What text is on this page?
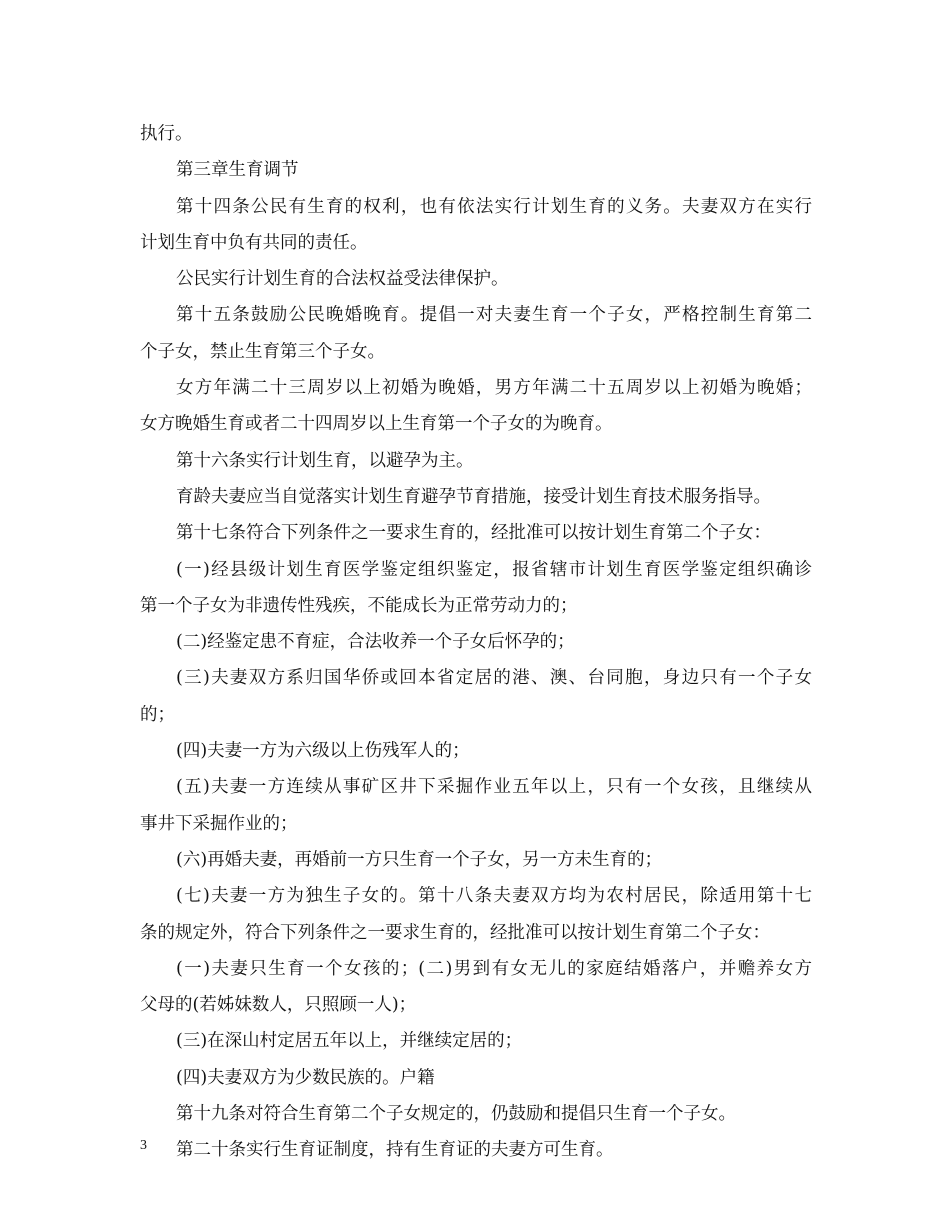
执行。
第三章生育调节
第十四条公民有生育的权利，也有依法实行计划生育的义务。夫妻双方在实行
计划生育中负有共同的责任。
公民实行计划生育的合法权益受法律保护。
第十五条鼓励公民晚婚晚育。提倡一对夫妻生育一个子女，严格控制生育第二
个子女，禁止生育第三个子女。
女方年满二十三周岁以上初婚为晚婚，男方年满二十五周岁以上初婚为晚婚；
女方晚婚生育或者二十四周岁以上生育第一个子女的为晚育。
第十六条实行计划生育，以避孕为主。
育龄夫妻应当自觉落实计划生育避孕节育措施，接受计划生育技术服务指导。
第十七条符合下列条件之一要求生育的，经批准可以按计划生育第二个子女：
(一)经县级计划生育医学鉴定组织鉴定，报省辖市计划生育医学鉴定组织确诊
第一个子女为非遗传性残疾，不能成长为正常劳动力的；
(二)经鉴定患不育症，合法收养一个子女后怀孕的；
(三)夫妻双方系归国华侨或回本省定居的港、澳、台同胞，身边只有一个子女
的；
(四)夫妻一方为六级以上伤残军人的；
(五)夫妻一方连续从事矿区井下采掘作业五年以上，只有一个女孩，且继续从
事井下采掘作业的；
(六)再婚夫妻，再婚前一方只生育一个子女，另一方未生育的；
(七)夫妻一方为独生子女的。第十八条夫妻双方均为农村居民，除适用第十七
条的规定外，符合下列条件之一要求生育的，经批准可以按计划生育第二个子女：
(一)夫妻只生育一个女孩的；(二)男到有女无儿的家庭结婚落户，并赡养女方
父母的(若姊妹数人，只照顾一人)；
(三)在深山村定居五年以上，并继续定居的；
(四)夫妻双方为少数民族的。户籍
第十九条对符合生育第二个子女规定的，仍鼓励和提倡只生育一个子女。
第二十条实行生育证制度，持有生育证的夫妻方可生育。
3
